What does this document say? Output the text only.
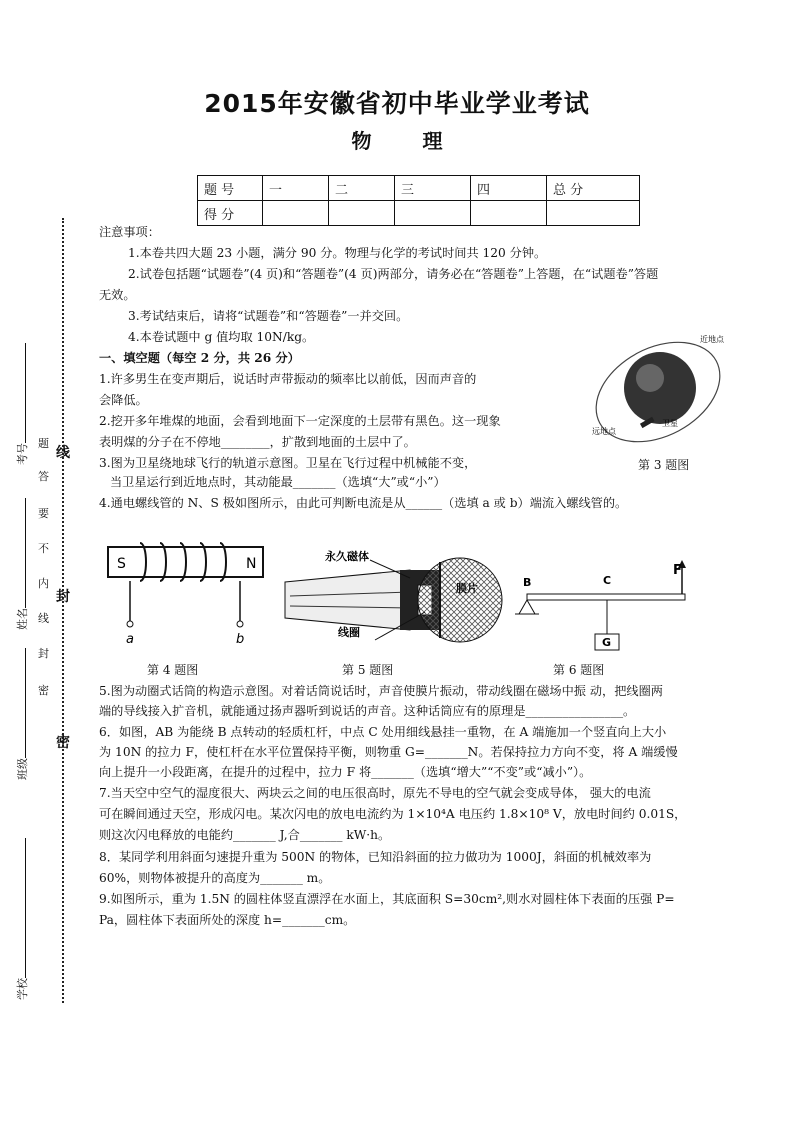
2015年安徽省初中毕业学业考试
物 理
题 号	一	二	三	四	总 分
得 分					
注意事项：
1.本卷共四大题 23 小题，满分 90 分。物理与化学的考试时间共 120 分钟。
2.试卷包括题“试题卷”(4 页)和“答题卷”(4 页)两部分，请务必在“答题卷”上答题，在“试题卷”答题
无效。
3.考试结束后，请将“试题卷”和“答题卷”一并交回。
4.本卷试题中 g 值均取 10N/kg。
一、填空题（每空 2 分，共 26 分）
1.许多男生在变声期后，说话时声带振动的频率比以前低，因而声音的
会降低。
2.挖开多年堆煤的地面，会看到地面下一定深度的土层带有黑色。这一现象
表明煤的分子在不停地________，扩散到地面的土层中了。
3.图为卫星绕地球飞行的轨道示意图。卫星在飞行过程中机械能不变，
当卫星运行到近地点时，其动能最_______（选填“大”或“小”）
4.通电螺线管的 N、S 极如图所示，由此可判断电流是从______（选填 a 或 b）端流入螺线管的。
近地点
远地点
卫星
第 3 题图
S	N
a	b
第 4 题图
永久磁体
膜片
线圈
第 5 题图
B	C
F
G
第 6 题图
5.图为动圈式话筒的构造示意图。对着话筒说话时，声音使膜片振动，带动线圈在磁场中振 动，把线圈两
端的导线接入扩音机，就能通过扬声器听到说话的声音。这种话筒应有的原理是________________。
6．如图，AB 为能绕 B 点转动的轻质杠杆，中点 C 处用细线悬挂一重物，在 A 端施加一个竖直向上大小
为 10N 的拉力 F，使杠杆在水平位置保持平衡，则物重 G=_______N。若保持拉力方向不变，将 A 端缓慢
向上提升一小段距离，在提升的过程中，拉力 F 将_______（选填“增大”“不变”或“减小”）。
7.当天空中空气的湿度很大、两块云之间的电压很高时，原先不导电的空气就会变成导体， 强大的电流
可在瞬间通过天空，形成闪电。某次闪电的放电电流约为 1×10⁴A 电压约 1.8×10⁸ V，放电时间约 0.01S，
则这次闪电释放的电能约_______ J,合_______ kW·h。
8．某同学利用斜面匀速提升重为 500N 的物体，已知沿斜面的拉力做功为 1000J，斜面的机械效率为
60%，则物体被提升的高度为_______ m。
9.如图所示，重为 1.5N 的圆柱体竖直漂浮在水面上，其底面积 S=30cm²,则水对圆柱体下表面的压强 P=
Pa，圆柱体下表面所处的深度 h=_______cm。
考号
姓名
班级
学校
题
答
要
不
内
线
封
密
线
封
密
